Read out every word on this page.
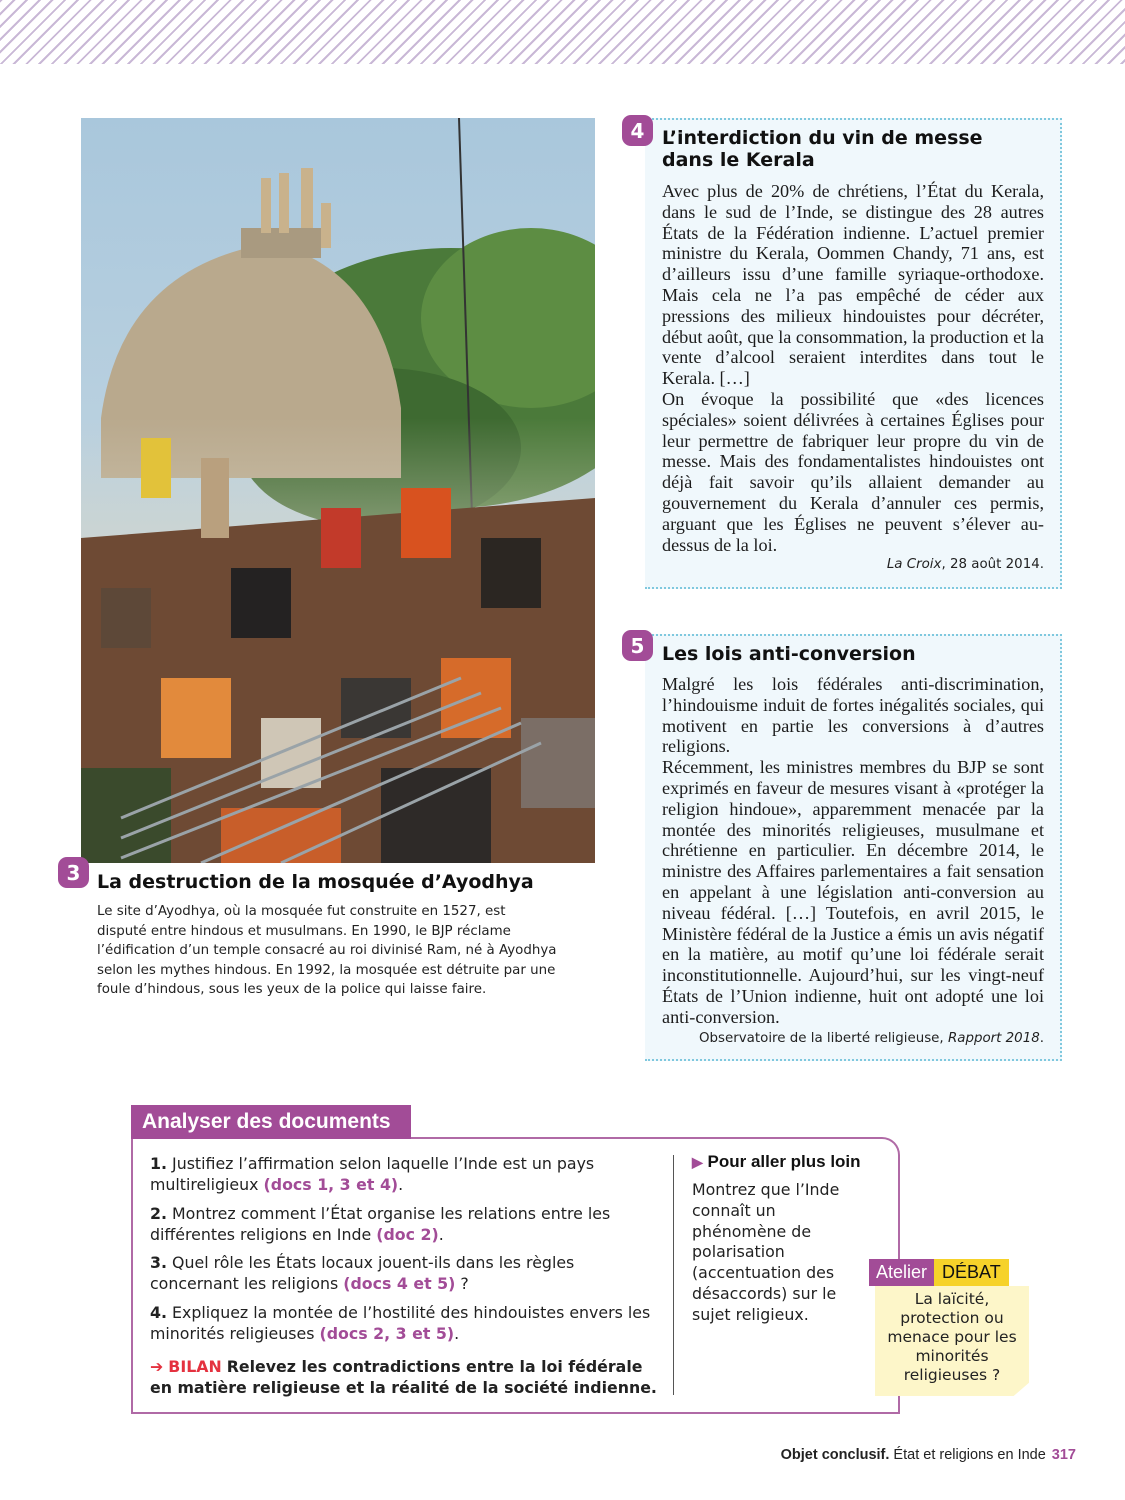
3 La destruction de la mosquée d’Ayodhya
Le site d’Ayodhya, où la mosquée fut construite en 1527, est disputé entre hindous et musulmans. En 1990, le BJP réclame l’édification d’un temple consacré au roi divinisé Ram, né à Ayodhya selon les mythes hindous. En 1992, la mosquée est détruite par une foule d’hindous, sous les yeux de la police qui laisse faire.
4 L’interdiction du vin de messe dans le Kerala

Avec plus de 20% de chrétiens, l’État du Kerala, dans le sud de l’Inde, se distingue des 28 autres États de la Fédération indienne. L’actuel premier ministre du Kerala, Oommen Chandy, 71 ans, est d’ailleurs issu d’une famille syriaque-orthodoxe. Mais cela ne l’a pas empêché de céder aux pressions des milieux hindouistes pour décréter, début août, que la consommation, la production et la vente d’alcool seraient interdites dans tout le Kerala. […]

On évoque la possibilité que «des licences spéciales» soient délivrées à certaines Églises pour leur permettre de fabriquer leur propre du vin de messe. Mais des fondamentalistes hindouistes ont déjà fait savoir qu’ils allaient demander au gouvernement du Kerala d’annuler ces permis, arguant que les Églises ne peuvent s’élever au-dessus de la loi.

La Croix, 28 août 2014.
5 Les lois anti-conversion

Malgré les lois fédérales anti-discrimination, l’hindouisme induit de fortes inégalités sociales, qui motivent en partie les conversions à d’autres religions.

Récemment, les ministres membres du BJP se sont exprimés en faveur de mesures visant à «protéger la religion hindoue», apparemment menacée par la montée des minorités religieuses, musulmane et chrétienne en particulier. En décembre 2014, le ministre des Affaires parlementaires a fait sensation en appelant à une législation anti-conversion au niveau fédéral. […] Toutefois, en avril 2015, le Ministère fédéral de la Justice a émis un avis négatif en la matière, au motif qu’une loi fédérale serait inconstitutionnelle. Aujourd’hui, sur les vingt-neuf États de l’Union indienne, huit ont adopté une loi anti-conversion.

Observatoire de la liberté religieuse, Rapport 2018.
Analyser des documents
1. Justifiez l’affirmation selon laquelle l’Inde est un pays multireligieux (docs 1, 3 et 4).
2. Montrez comment l’État organise les relations entre les différentes religions en Inde (doc 2).
3. Quel rôle les États locaux jouent-ils dans les règles concernant les religions (docs 4 et 5) ?
4. Expliquez la montée de l’hostilité des hindouistes envers les minorités religieuses (docs 2, 3 et 5).
➔ BILAN Relevez les contradictions entre la loi fédérale en matière religieuse et la réalité de la société indienne.
▶ Pour aller plus loin
Montrez que l’Inde connaît un phénomène de polarisation (accentuation des désaccords) sur le sujet religieux.
Atelier DÉBAT
La laïcité, protection ou menace pour les minorités religieuses ?
Objet conclusif. État et religions en Inde 317
